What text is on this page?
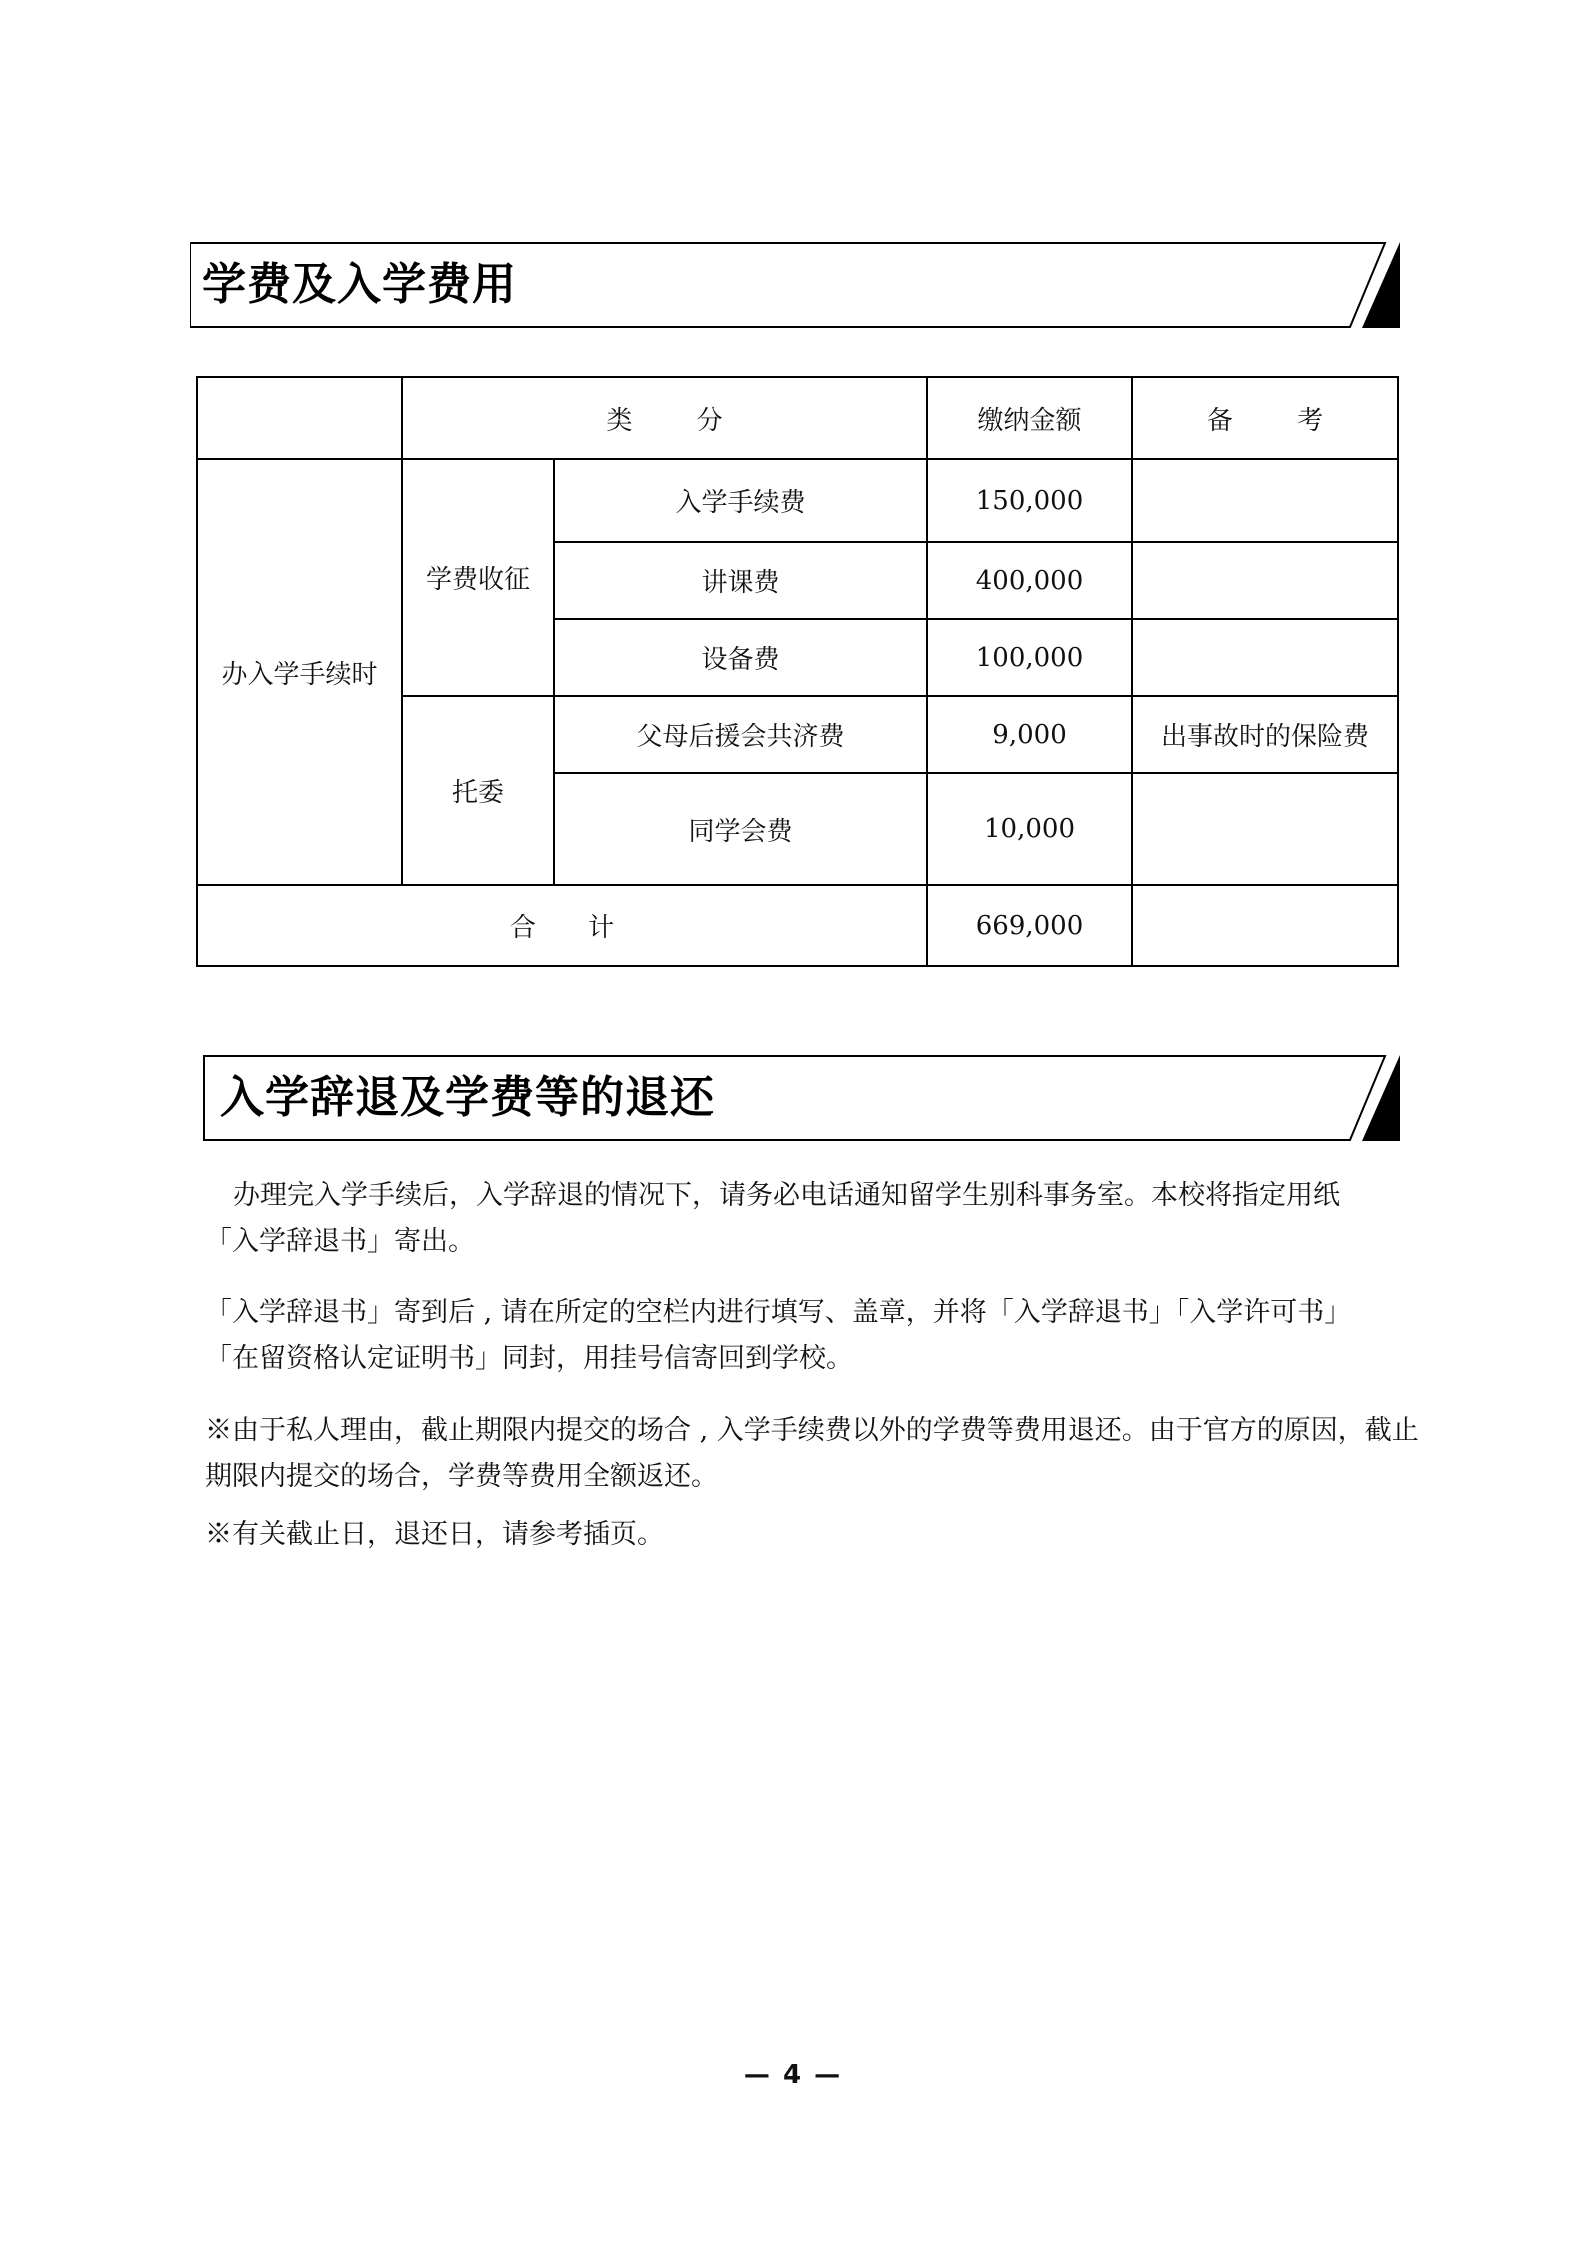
学费及入学费用
	类 分		缴纳金额	备 考
办入学手续时	学费收征	入学手续费	150,000	
		讲课费	400,000	
		设备费	100,000	
	托委	父母后援会共济费	9,000	出事故时的保险费
		同学会费	10,000	
合 计			669,000	
入学辞退及学费等的退还

办理完入学手续后，入学辞退的情况下，请务必电话通知留学生别科事务室。本校将指定用纸

「入学辞退书」寄出。

「入学辞退书」寄到后 , 请在所定的空栏内进行填写、盖章，并将「入学辞退书」「入学许可书」

「在留资格认定证明书」同封，用挂号信寄回到学校。

※由于私人理由，截止期限内提交的场合 , 入学手续费以外的学费等费用退还。由于官方的原因，截止

期限内提交的场合，学费等费用全额返还。

※有关截止日，退还日，请参考插页。

— 4 —
